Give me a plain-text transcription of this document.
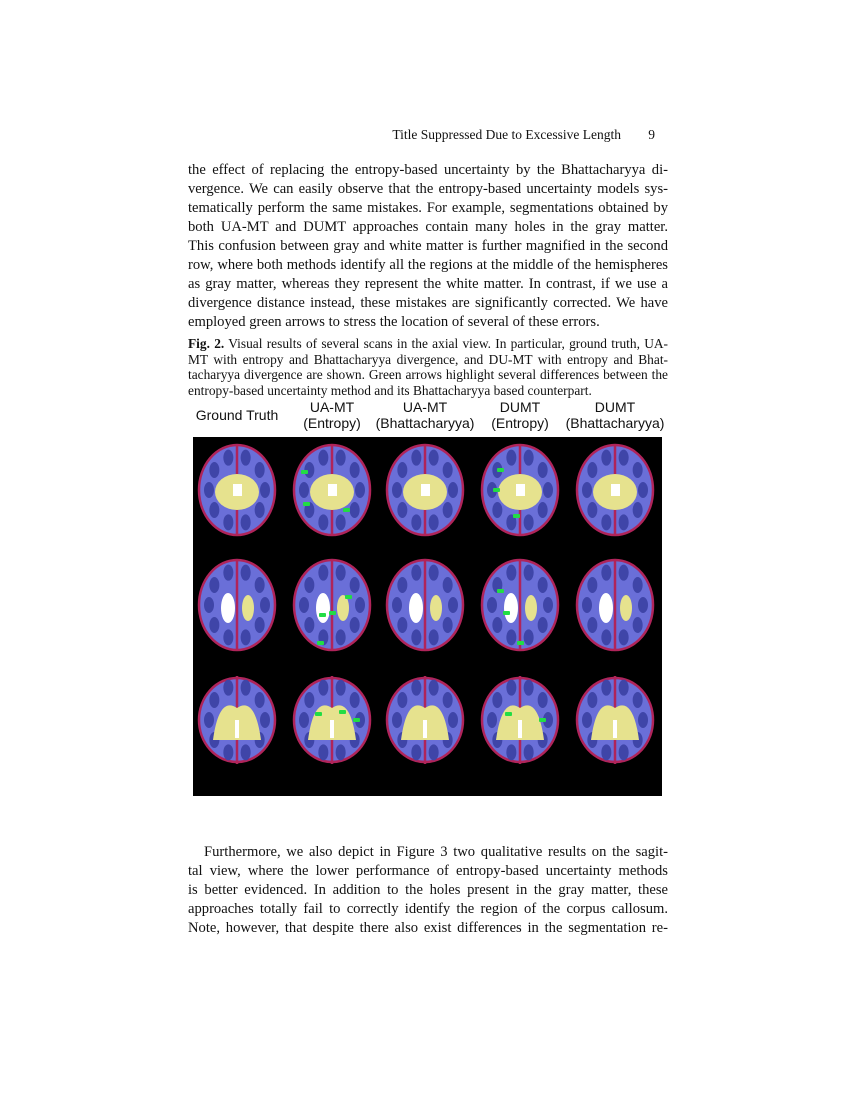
Title Suppressed Due to Excessive Length 9
the effect of replacing the entropy-based uncertainty by the Bhattacharyya di-
vergence. We can easily observe that the entropy-based uncertainty models sys-
tematically perform the same mistakes. For example, segmentations obtained by
both UA-MT and DUMT approaches contain many holes in the gray matter.
This confusion between gray and white matter is further magnified in the second
row, where both methods identify all the regions at the middle of the hemispheres
as gray matter, whereas they represent the white matter. In contrast, if we use a
divergence distance instead, these mistakes are significantly corrected. We have
employed green arrows to stress the location of several of these errors.
Fig. 2. Visual results of several scans in the axial view. In particular, ground truth, UA-
MT with entropy and Bhattacharyya divergence, and DU-MT with entropy and Bhat-
tacharyya divergence are shown. Green arrows highlight several differences between the
entropy-based uncertainty method and its Bhattacharyya based counterpart.
Ground Truth	UA-MT
(Entropy)
UA-MT
(Bhattacharyya)
DUMT
(Entropy)
DUMT
(Bhattacharyya)
Furthermore, we also depict in Figure 3 two qualitative results on the sagit-
tal view, where the lower performance of entropy-based uncertainty methods
is better evidenced. In addition to the holes present in the gray matter, these
approaches totally fail to correctly identify the region of the corpus callosum.
Note, however, that despite there also exist differences in the segmentation re-
